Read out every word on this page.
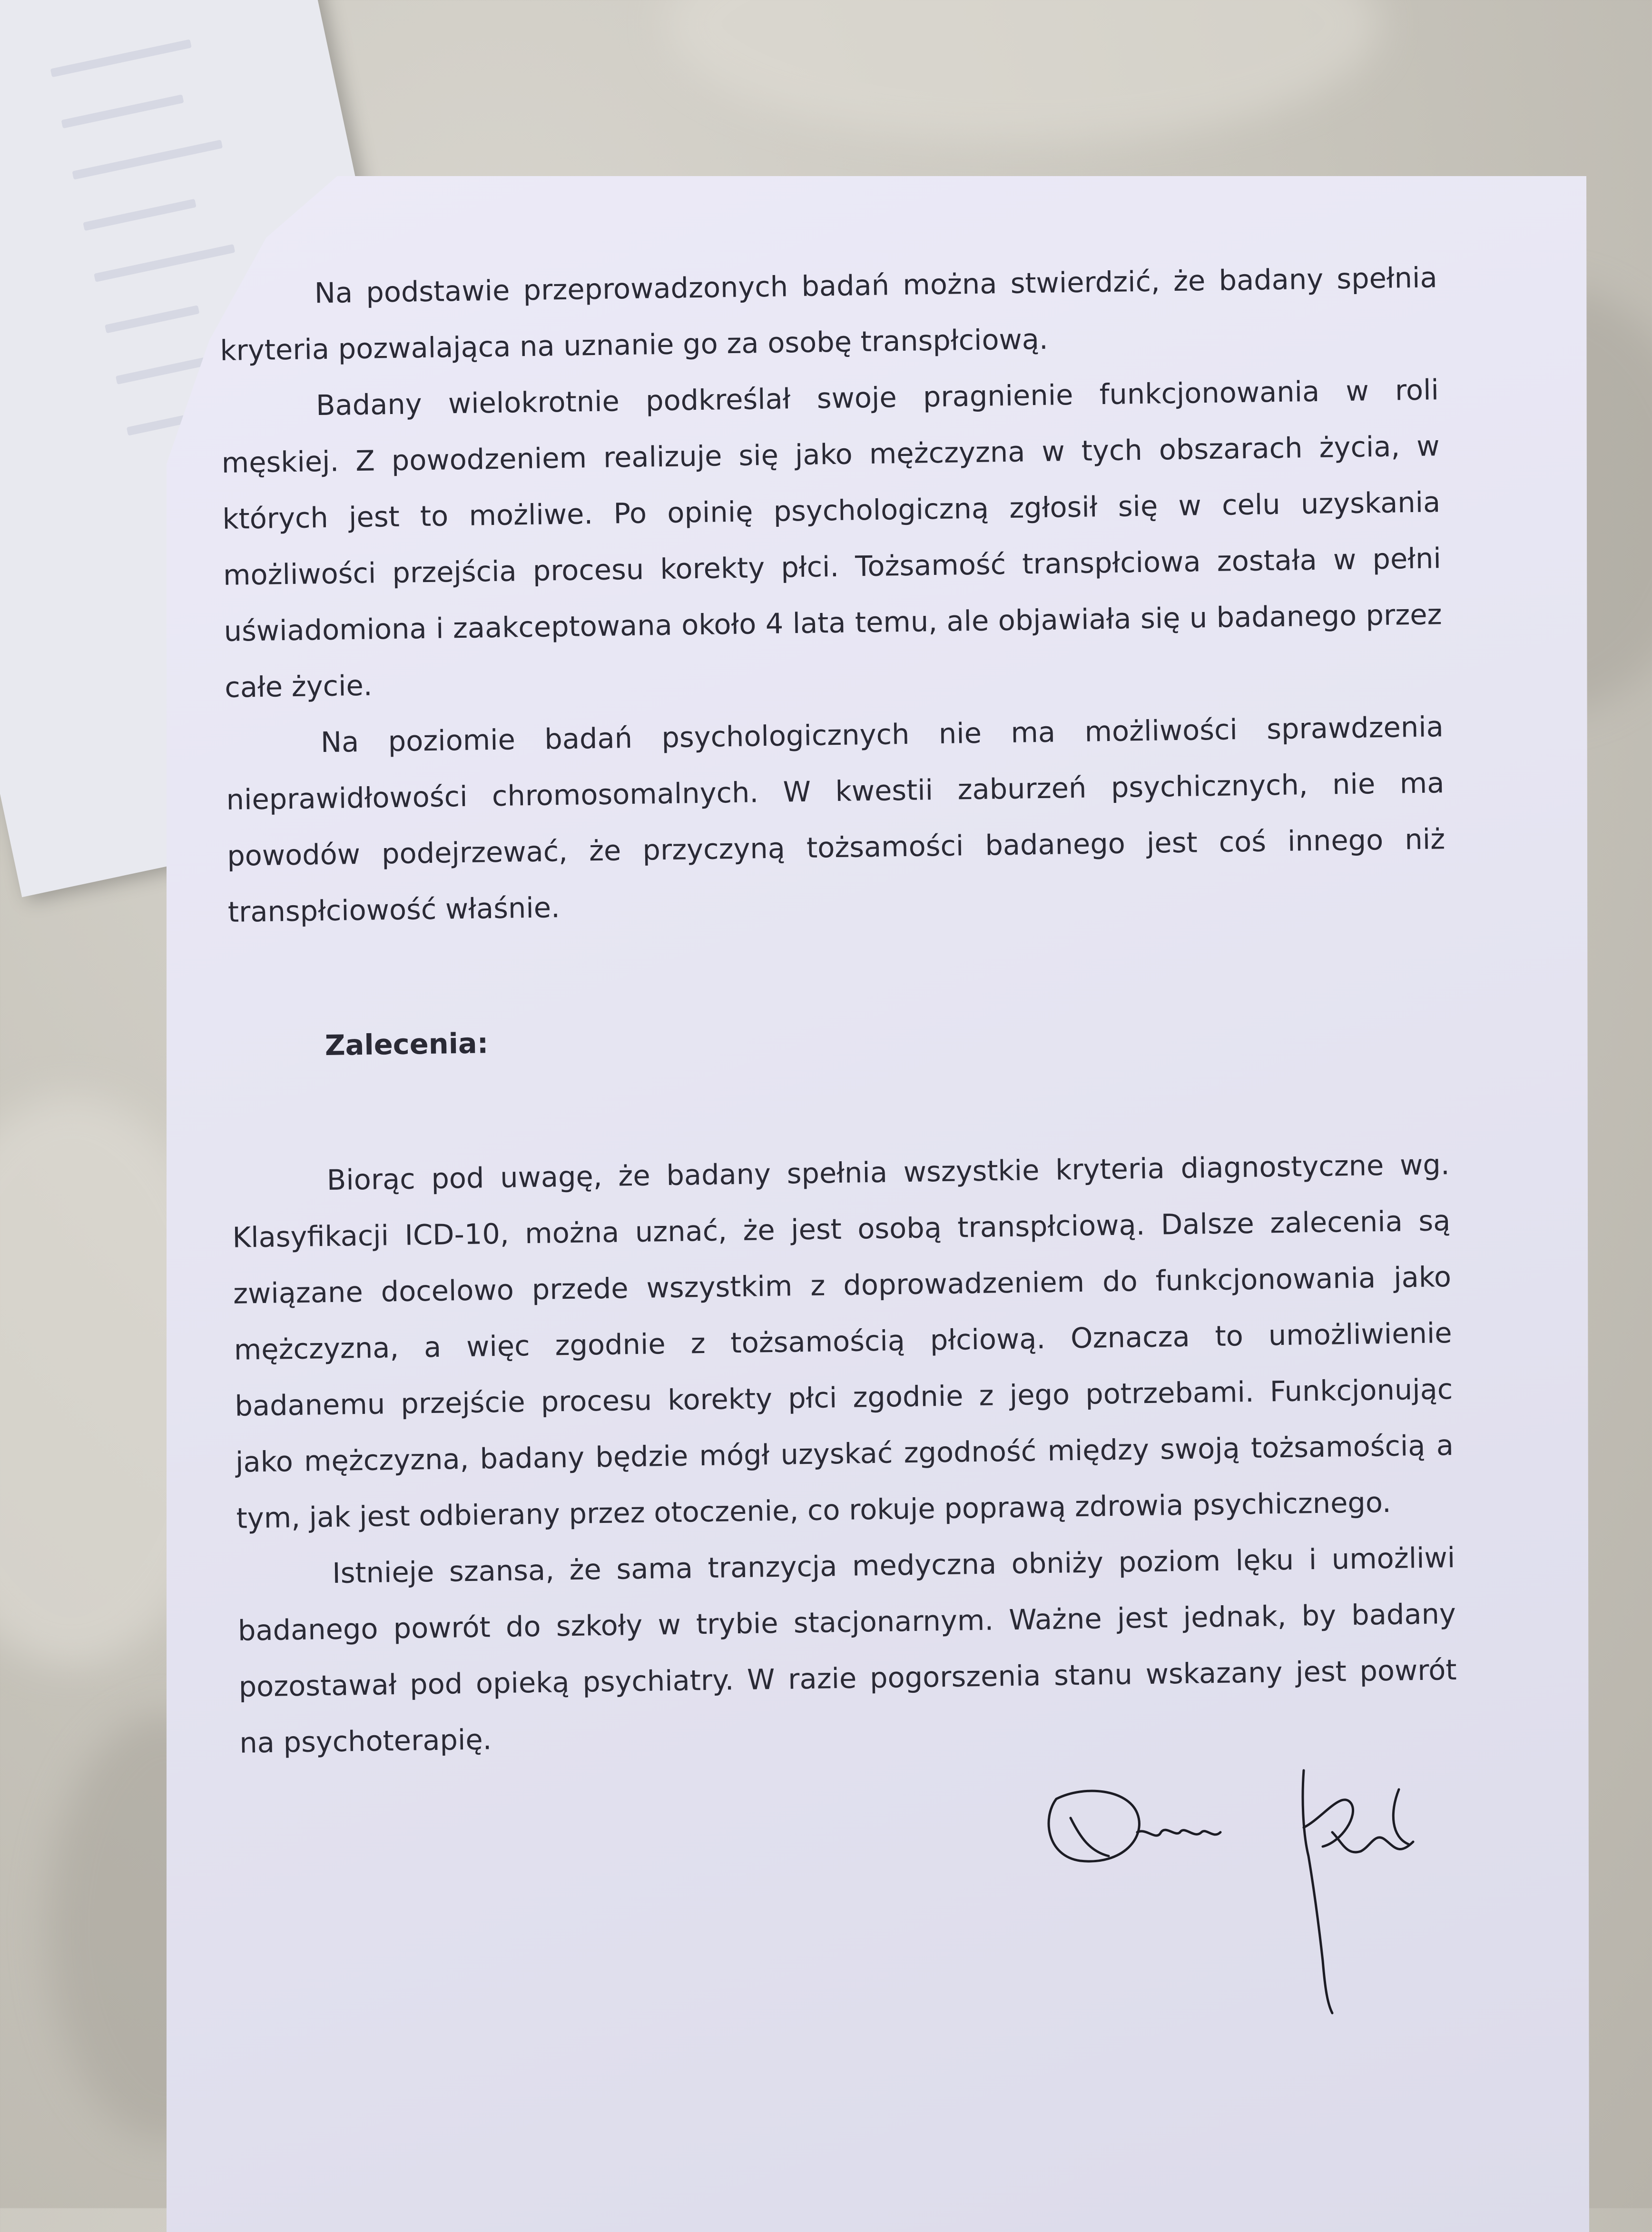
Na podstawie przeprowadzonych badań można stwierdzić, że badany spełnia kryteria pozwalająca na uznanie go za osobę transpłciową.

Badany wielokrotnie podkreślał swoje pragnienie funkcjonowania w roli męskiej. Z powodzeniem realizuje się jako mężczyzna w tych obszarach życia, w których jest to możliwe. Po opinię psychologiczną zgłosił się w celu uzyskania możliwości przejścia procesu korekty płci. Tożsamość transpłciowa została w pełni uświadomiona i zaakceptowana około 4 lata temu, ale objawiała się u badanego przez całe życie.

Na poziomie badań psychologicznych nie ma możliwości sprawdzenia nieprawidłowości chromosomalnych. W kwestii zaburzeń psychicznych, nie ma powodów podejrzewać, że przyczyną tożsamości badanego jest coś innego niż transpłciowość właśnie.

Zalecenia:

Biorąc pod uwagę, że badany spełnia wszystkie kryteria diagnostyczne wg. Klasyfikacji ICD-10, można uznać, że jest osobą transpłciową. Dalsze zalecenia są związane docelowo przede wszystkim z doprowadzeniem do funkcjonowania jako mężczyzna, a więc zgodnie z tożsamością płciową. Oznacza to umożliwienie badanemu przejście procesu korekty płci zgodnie z jego potrzebami. Funkcjonując jako mężczyzna, badany będzie mógł uzyskać zgodność między swoją tożsamością a tym, jak jest odbierany przez otoczenie, co rokuje poprawą zdrowia psychicznego.

Istnieje szansa, że sama tranzycja medyczna obniży poziom lęku i umożliwi badanego powrót do szkoły w trybie stacjonarnym. Ważne jest jednak, by badany pozostawał pod opieką psychiatry. W razie pogorszenia stanu wskazany jest powrót na psychoterapię.
